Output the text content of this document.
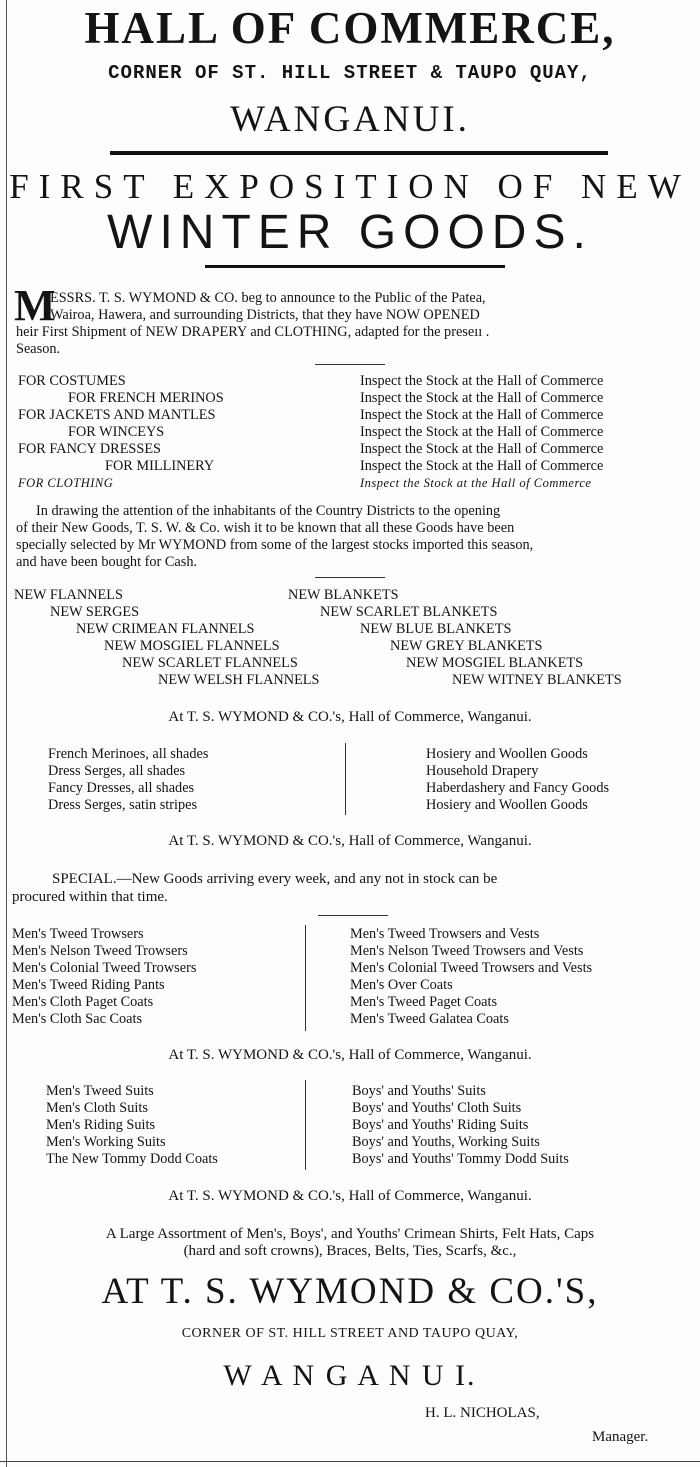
HALL OF COMMERCE,
CORNER OF ST. HILL STREET & TAUPO QUAY,
WANGANUI.
FIRST EXPOSITION OF NEW
WINTER GOODS.
M
ESSRS. T. S. WYMOND & CO. beg to announce to the Public of the Patea,
Wairoa, Hawera, and surrounding Districts, that they have NOW OPENED
heir First Shipment of NEW DRAPERY and CLOTHING, adapted for the preseıı .
Season.
FOR COSTUMES	Inspect the Stock at the Hall of Commerce
FOR FRENCH MERINOS	Inspect the Stock at the Hall of Commerce
FOR JACKETS AND MANTLES	Inspect the Stock at the Hall of Commerce
FOR WINCEYS	Inspect the Stock at the Hall of Commerce
FOR FANCY DRESSES	Inspect the Stock at the Hall of Commerce
FOR MILLINERY	Inspect the Stock at the Hall of Commerce
FOR CLOTHING	Inspect the Stock at the Hall of Commerce
In drawing the attention of the inhabitants of the Country Districts to the opening
of their New Goods, T. S. W. & Co. wish it to be known that all these Goods have been
specially selected by Mr WYMOND from some of the largest stocks imported this season,
and have been bought for Cash.
NEW FLANNELS	NEW BLANKETS
NEW SERGES	NEW SCARLET BLANKETS
NEW CRIMEAN FLANNELS	NEW BLUE BLANKETS
NEW MOSGIEL FLANNELS	NEW GREY BLANKETS
NEW SCARLET FLANNELS	NEW MOSGIEL BLANKETS
NEW WELSH FLANNELS	NEW WITNEY BLANKETS
At T. S. WYMOND & CO.'s, Hall of Commerce, Wanganui.
French Merinoes, all shades	Hosiery and Woollen Goods
Dress Serges, all shades	Household Drapery
Fancy Dresses, all shades	Haberdashery and Fancy Goods
Dress Serges, satin stripes	Hosiery and Woollen Goods
At T. S. WYMOND & CO.'s, Hall of Commerce, Wanganui.
SPECIAL.—New Goods arriving every week, and any not in stock can be
procured within that time.
Men's Tweed Trowsers	Men's Tweed Trowsers and Vests
Men's Nelson Tweed Trowsers	Men's Nelson Tweed Trowsers and Vests
Men's Colonial Tweed Trowsers	Men's Colonial Tweed Trowsers and Vests
Men's Tweed Riding Pants	Men's Over Coats
Men's Cloth Paget Coats	Men's Tweed Paget Coats
Men's Cloth Sac Coats	Men's Tweed Galatea Coats
At T. S. WYMOND & CO.'s, Hall of Commerce, Wanganui.
Men's Tweed Suits	Boys' and Youths' Suits
Men's Cloth Suits	Boys' and Youths' Cloth Suits
Men's Riding Suits	Boys' and Youths' Riding Suits
Men's Working Suits	Boys' and Youths, Working Suits
The New Tommy Dodd Coats	Boys' and Youths' Tommy Dodd Suits
At T. S. WYMOND & CO.'s, Hall of Commerce, Wanganui.
A Large Assortment of Men's, Boys', and Youths' Crimean Shirts, Felt Hats, Caps
(hard and soft crowns), Braces, Belts, Ties, Scarfs, &c.,
AT T. S. WYMOND & CO.'S,
CORNER OF ST. HILL STREET AND TAUPO QUAY,
W A N G A N U I.
H. L. NICHOLAS,
Manager.
